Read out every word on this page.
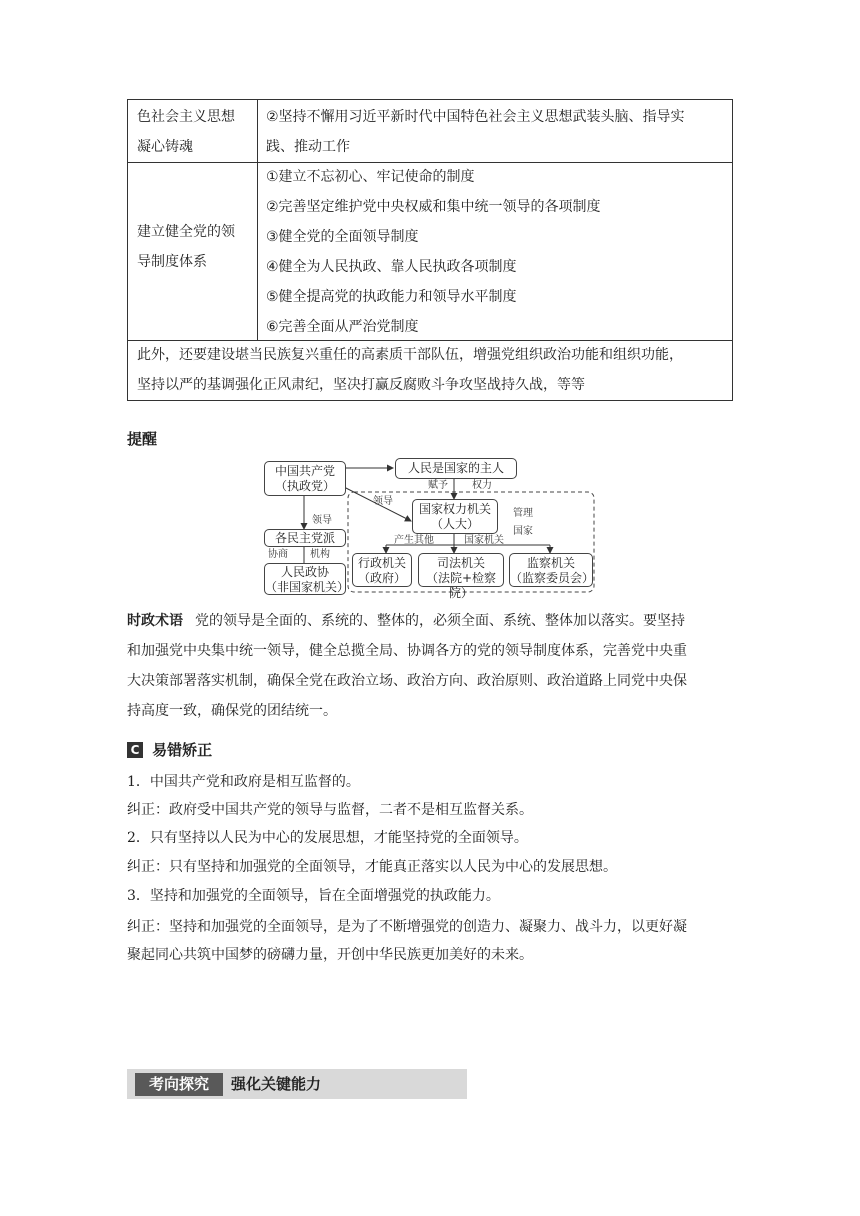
色社会主义思想
凝心铸魂
②坚持不懈用习近平新时代中国特色社会主义思想武装头脑、指导实
践、推动工作
建立健全党的领
导制度体系
①建立不忘初心、牢记使命的制度
②完善坚定维护党中央权威和集中统一领导的各项制度
③健全党的全面领导制度
④健全为人民执政、靠人民执政各项制度
⑤健全提高党的执政能力和领导水平制度
⑥完善全面从严治党制度
此外，还要建设堪当民族复兴重任的高素质干部队伍，增强党组织政治功能和组织功能，
坚持以严的基调强化正风肃纪，坚决打赢反腐败斗争攻坚战持久战，等等
提醒
中国共产党
（执政党）
人民是国家的主人
赋予 权力
领导
领导
管理
国家
国家权力机关
（人大）
产生其他	国家机关
各民主党派
协商 机构
人民政协
（非国家机关）
行政机关
（政府）
司法机关
（法院+检察院）
监察机关
（监察委员会）
时政术语 党的领导是全面的、系统的、整体的，必须全面、系统、整体加以落实。要坚持
和加强党中央集中统一领导，健全总揽全局、协调各方的党的领导制度体系，完善党中央重
大决策部署落实机制，确保全党在政治立场、政治方向、政治原则、政治道路上同党中央保
持高度一致，确保党的团结统一。
C 易错矫正
1．中国共产党和政府是相互监督的。
纠正：政府受中国共产党的领导与监督，二者不是相互监督关系。
2．只有坚持以人民为中心的发展思想，才能坚持党的全面领导。
纠正：只有坚持和加强党的全面领导，才能真正落实以人民为中心的发展思想。
3．坚持和加强党的全面领导，旨在全面增强党的执政能力。
纠正：坚持和加强党的全面领导，是为了不断增强党的创造力、凝聚力、战斗力，以更好凝
聚起同心共筑中国梦的磅礴力量，开创中华民族更加美好的未来。
考向探究	强化关键能力
